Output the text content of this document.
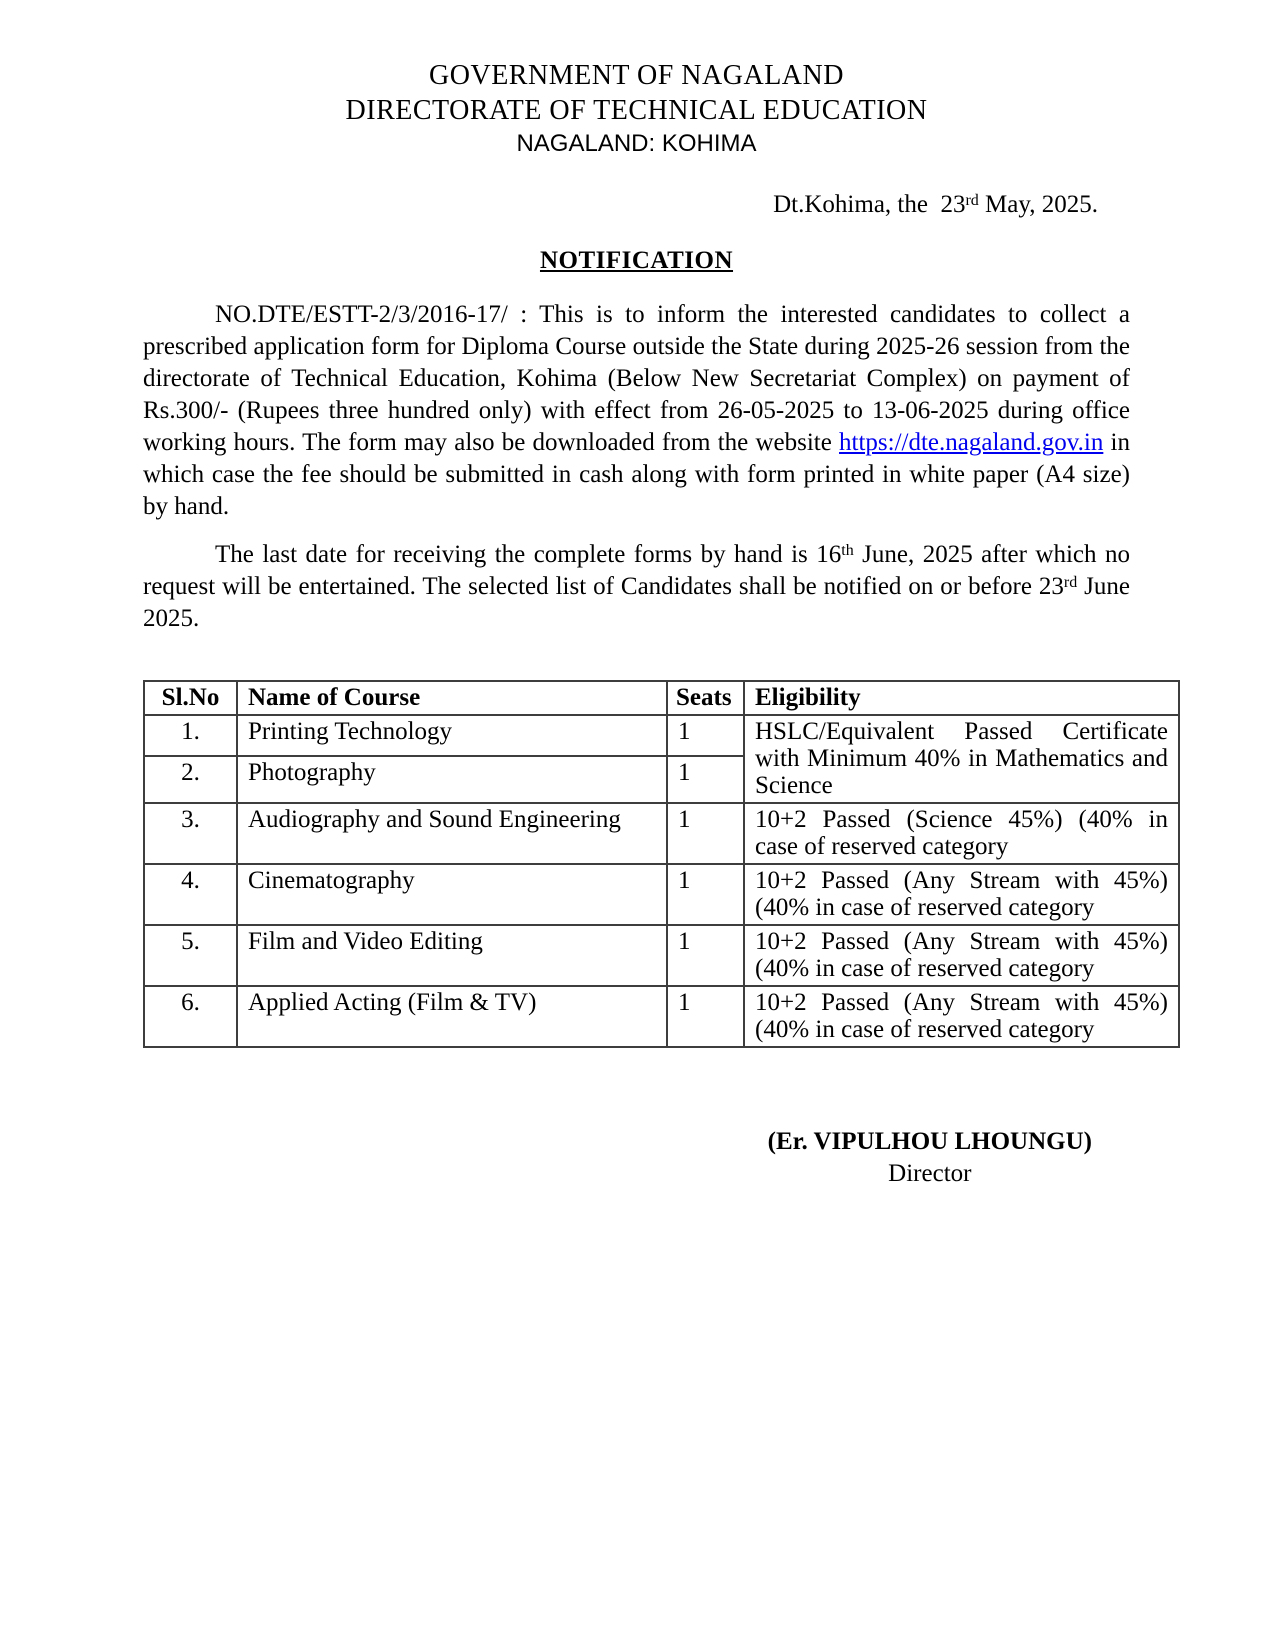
GOVERNMENT OF NAGALAND
DIRECTORATE OF TECHNICAL EDUCATION
NAGALAND: KOHIMA
Dt.Kohima, the  23rd May, 2025.
NOTIFICATION

NO.DTE/ESTT-2/3/2016-17/ : This is to inform the interested candidates to collect a prescribed application form for Diploma Course outside the State during 2025-26 session from the directorate of Technical Education, Kohima (Below New Secretariat Complex) on payment of Rs.300/- (Rupees three hundred only) with effect from 26-05-2025 to 13-06-2025 during office working hours. The form may also be downloaded from the website https://dte.nagaland.gov.in in which case the fee should be submitted in cash along with form printed in white paper (A4 size) by hand.

The last date for receiving the complete forms by hand is 16th June, 2025 after which no request will be entertained. The selected list of Candidates shall be notified on or before 23rd June 2025.

Sl.No	Name of Course	Seats	Eligibility
1.	Printing Technology	1	HSLC/Equivalent Passed Certificate with Minimum 40% in Mathematics and Science
2.	Photography	1	
3.	Audiography and Sound Engineering	1	10+2 Passed (Science 45%) (40% in case of reserved category
4.	Cinematography	1	10+2 Passed (Any Stream with 45%) (40% in case of reserved category
5.	Film and Video Editing	1	10+2 Passed (Any Stream with 45%) (40% in case of reserved category
6.	Applied Acting (Film & TV)	1	10+2 Passed (Any Stream with 45%) (40% in case of reserved category
(Er. VIPULHOU LHOUNGU)
Director
